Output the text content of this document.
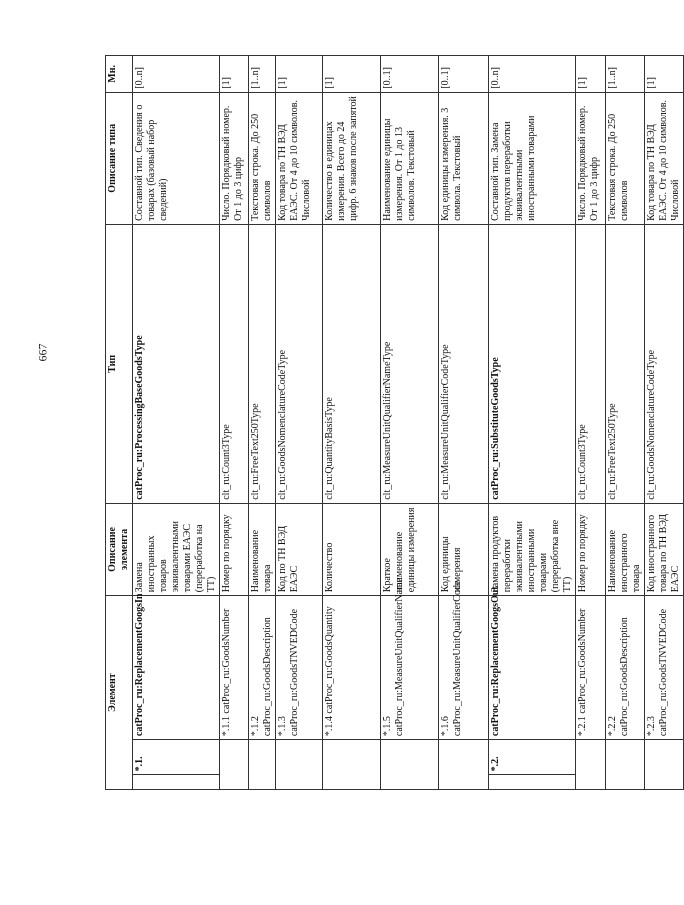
667
Элемент			Описание элемента	Тип	Описание типа	Мн.
	*.1.	catProc_ru:ReplacementGoogsIn	Замена иностранных товаров эквивалентными товарами ЕАЭС (переработка на ТТ)	catProc_ru:ProcessingBaseGoodsType	Составной тип. Сведения о товарах (базовый набор сведений)	[0..n]
		*.1.1 catProc_ru:GoodsNumber	Номер по порядку	clt_ru:Count3Type	Число. Порядковый номер. От 1 до 3 цифр	[1]
		*.1.2 catProc_ru:GoodsDescription	Наименование товара	clt_ru:FreeText250Type	Текстовая строка. До 250 символов	[1..n]
		*.1.3 catProc_ru:GoodsTNVEDCode	Код по ТН ВЭД ЕАЭС	clt_ru:GoodsNomenclatureCodeType	Код товара по ТН ВЭД ЕАЭС. От 4 до 10 символов. Числовой	[1]
		*.1.4 catProc_ru:GoodsQuantity	Количество	clt_ru:QuantityBasisType	Количество в единицах измерения. Всего до 24 цифр. 6 знаков после запятой	[1]
		*.1.5 catProc_ru:MeasureUnitQualifierName	Краткое наименование единицы измерения	clt_ru:MeasureUnitQualifierNameType	Наименование единицы измерения. От 1 до 13 символов. Текстовый	[0..1]
		*.1.6 catProc_ru:MeasureUnitQualifierCode	Код единицы измерения	clt_ru:MeasureUnitQualifierCodeType	Код единицы измерения. 3 символа. Текстовый	[0..1]
	*.2.	catProc_ru:ReplacementGoogsOut	Замена продуктов переработки эквивалентными иностранными товарами (переработка вне ТТ)	catProc_ru:SubstituteGoodsType	Составной тип. Замена продуктов переработки эквивалентными иностранными товарами	[0..n]
		*.2.1 catProc_ru:GoodsNumber	Номер по порядку	clt_ru:Count3Type	Число. Порядковый номер. От 1 до 3 цифр	[1]
		*.2.2 catProc_ru:GoodsDescription	Наименование иностранного товара	clt_ru:FreeText250Type	Текстовая строка. До 250 символов	[1..n]
		*.2.3 catProc_ru:GoodsTNVEDCode	Код иностранного товара по ТН ВЭД ЕАЭС	clt_ru:GoodsNomenclatureCodeType	Код товара по ТН ВЭД ЕАЭС. От 4 до 10 символов. Числовой	[1]
